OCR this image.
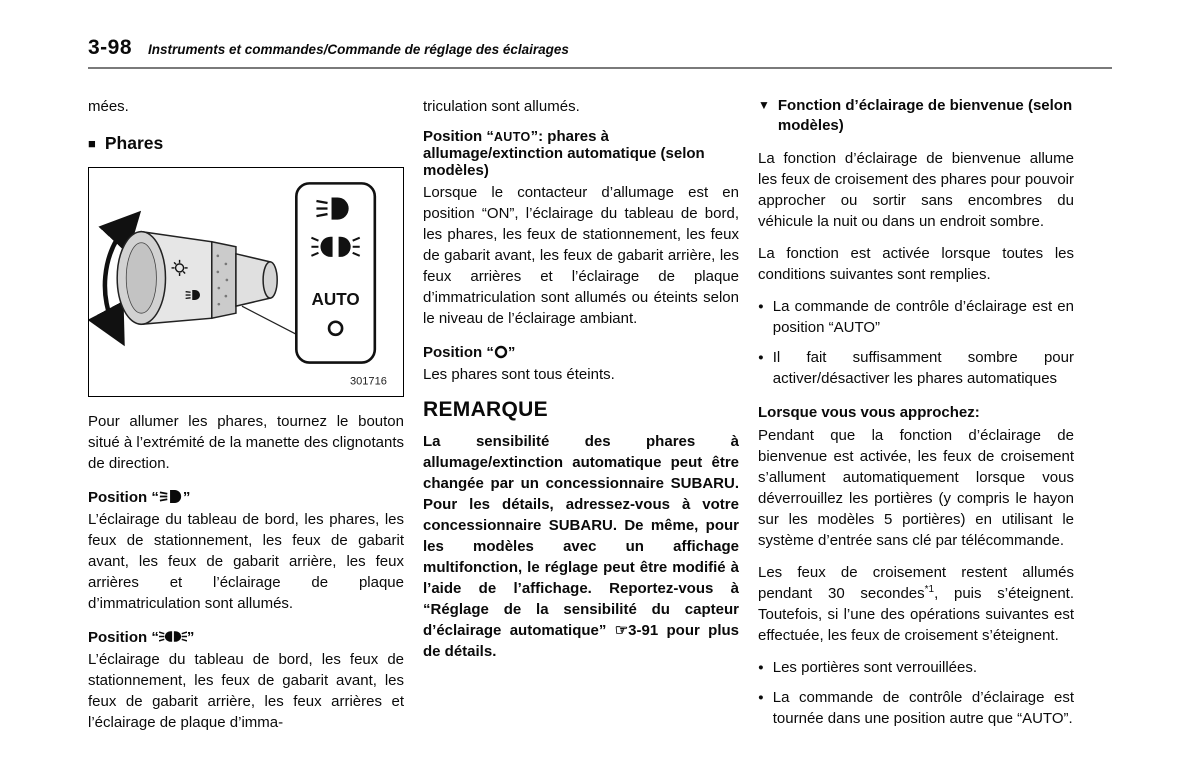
3-98 Instruments et commandes/Commande de réglage des éclairages

mées.

■ Phares
AUTO
301716

Pour allumer les phares, tournez le bouton situé à l’extrémité de la manette des clignotants de direction.

Position “ ”

L’éclairage du tableau de bord, les phares, les feux de stationnement, les feux de gabarit avant, les feux de gabarit arrière, les feux arrières et l’éclairage de plaque d’immatriculation sont allumés.

Position “ ”

L’éclairage du tableau de bord, les feux de stationnement, les feux de gabarit avant, les feux de gabarit arrière, les feux arrières et l’éclairage de plaque d’imma-

triculation sont allumés.

Position “AUTO”: phares à allumage/extinction automatique (selon modèles)

Lorsque le contacteur d’allumage est en position “ON”, l’éclairage du tableau de bord, les phares, les feux de stationnement, les feux de gabarit avant, les feux de gabarit arrière, les feux arrières et l’éclairage de plaque d’immatriculation sont allumés ou éteints selon le niveau de l’éclairage ambiant.

Position “ ”

Les phares sont tous éteints.

REMARQUE

La sensibilité des phares à allumage/extinction automatique peut être changée par un concessionnaire SUBARU. Pour les détails, adressez-vous à votre concessionnaire SUBARU. De même, pour les modèles avec un affichage multifonction, le réglage peut être modifié à l’aide de l’affichage. Reportez-vous à “Réglage de la sensibilité du capteur d’éclairage automatique” ☞3-91 pour plus de détails.

▼ Fonction d’éclairage de bienvenue (selon modèles)

La fonction d’éclairage de bienvenue allume les feux de croisement des phares pour pouvoir approcher ou sortir sans encombres du véhicule la nuit ou dans un endroit sombre.

La fonction est activée lorsque toutes les conditions suivantes sont remplies.

● La commande de contrôle d’éclairage est en position “AUTO”
● Il fait suffisamment sombre pour activer/désactiver les phares automatiques

Lorsque vous vous approchez:

Pendant que la fonction d’éclairage de bienvenue est activée, les feux de croisement s’allument automatiquement lorsque vous déverrouillez les portières (y compris le hayon sur les modèles 5 portières) en utilisant le système d’entrée sans clé par télécommande.

Les feux de croisement restent allumés pendant 30 secondes$^{*1}$, puis s’éteignent. Toutefois, si l’une des opérations suivantes est effectuée, les feux de croisement s’éteignent.

● Les portières sont verrouillées.
● La commande de contrôle d’éclairage est tournée dans une position autre que “AUTO”.
